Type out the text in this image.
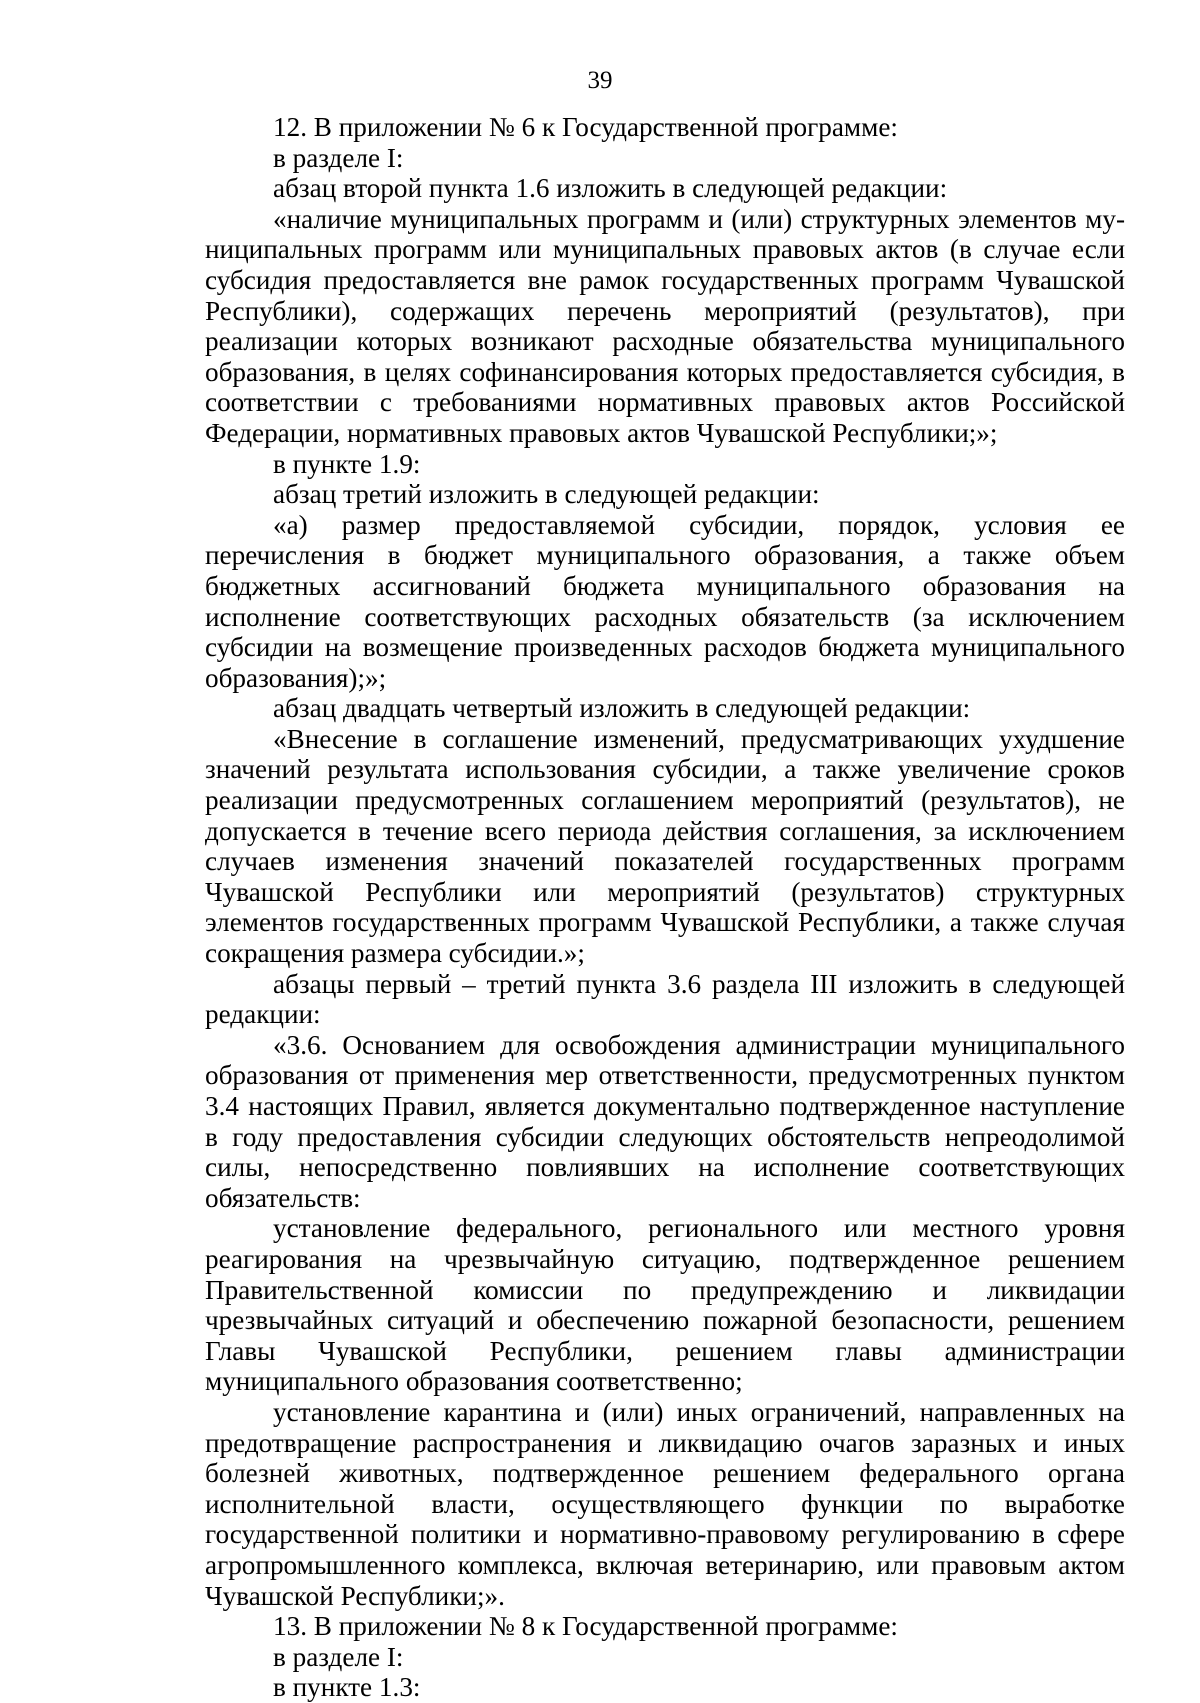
39

12. В приложении № 6 к Государственной программе:

в разделе I:

абзац второй пункта 1.6 изложить в следующей редакции:

«наличие муниципальных программ и (или) структурных элементов муниципальных программ или муниципальных правовых актов (в случае если субсидия предоставляется вне рамок государственных программ Чувашской Республики), содержащих перечень мероприятий (результатов), при реализации которых возникают расходные обязательства муниципального образования, в целях софинансирования которых предоставляется субсидия, в соответствии с требованиями нормативных правовых актов Российской Федерации, нормативных правовых актов Чувашской Республики;»;

в пункте 1.9:

абзац третий изложить в следующей редакции:

«а) размер предоставляемой субсидии, порядок, условия ее перечисления в бюджет муниципального образования, а также объем бюджетных ассигнований бюджета муниципального образования на исполнение соответствующих расходных обязательств (за исключением субсидии на возмещение произведенных расходов бюджета муниципального образования);»;

абзац двадцать четвертый изложить в следующей редакции:

«Внесение в соглашение изменений, предусматривающих ухудшение значений результата использования субсидии, а также увеличение сроков реализации предусмотренных соглашением мероприятий (результатов), не допускается в течение всего периода действия соглашения, за исключением случаев изменения значений показателей государственных программ Чувашской Республики или мероприятий (результатов) структурных элементов государственных программ Чувашской Республики, а также случая сокращения размера субсидии.»;

абзацы первый – третий пункта 3.6 раздела III изложить в следующей редакции:

«3.6. Основанием для освобождения администрации муниципального образования от применения мер ответственности, предусмотренных пунктом 3.4 настоящих Правил, является документально подтвержденное наступление в году предоставления субсидии следующих обстоятельств непреодолимой силы, непосредственно повлиявших на исполнение соответствующих обязательств:

установление федерального, регионального или местного уровня реагирования на чрезвычайную ситуацию, подтвержденное решением Правительственной комиссии по предупреждению и ликвидации чрезвычайных ситуаций и обеспечению пожарной безопасности, решением Главы Чувашской Республики, решением главы администрации муниципального образования соответственно;

установление карантина и (или) иных ограничений, направленных на предотвращение распространения и ликвидацию очагов заразных и иных болезней животных, подтвержденное решением федерального органа исполнительной власти, осуществляющего функции по выработке государственной политики и нормативно-правовому регулированию в сфере агропромышленного комплекса, включая ветеринарию, или правовым актом Чувашской Республики;».

13. В приложении № 8 к Государственной программе:

в разделе I:

в пункте 1.3:
